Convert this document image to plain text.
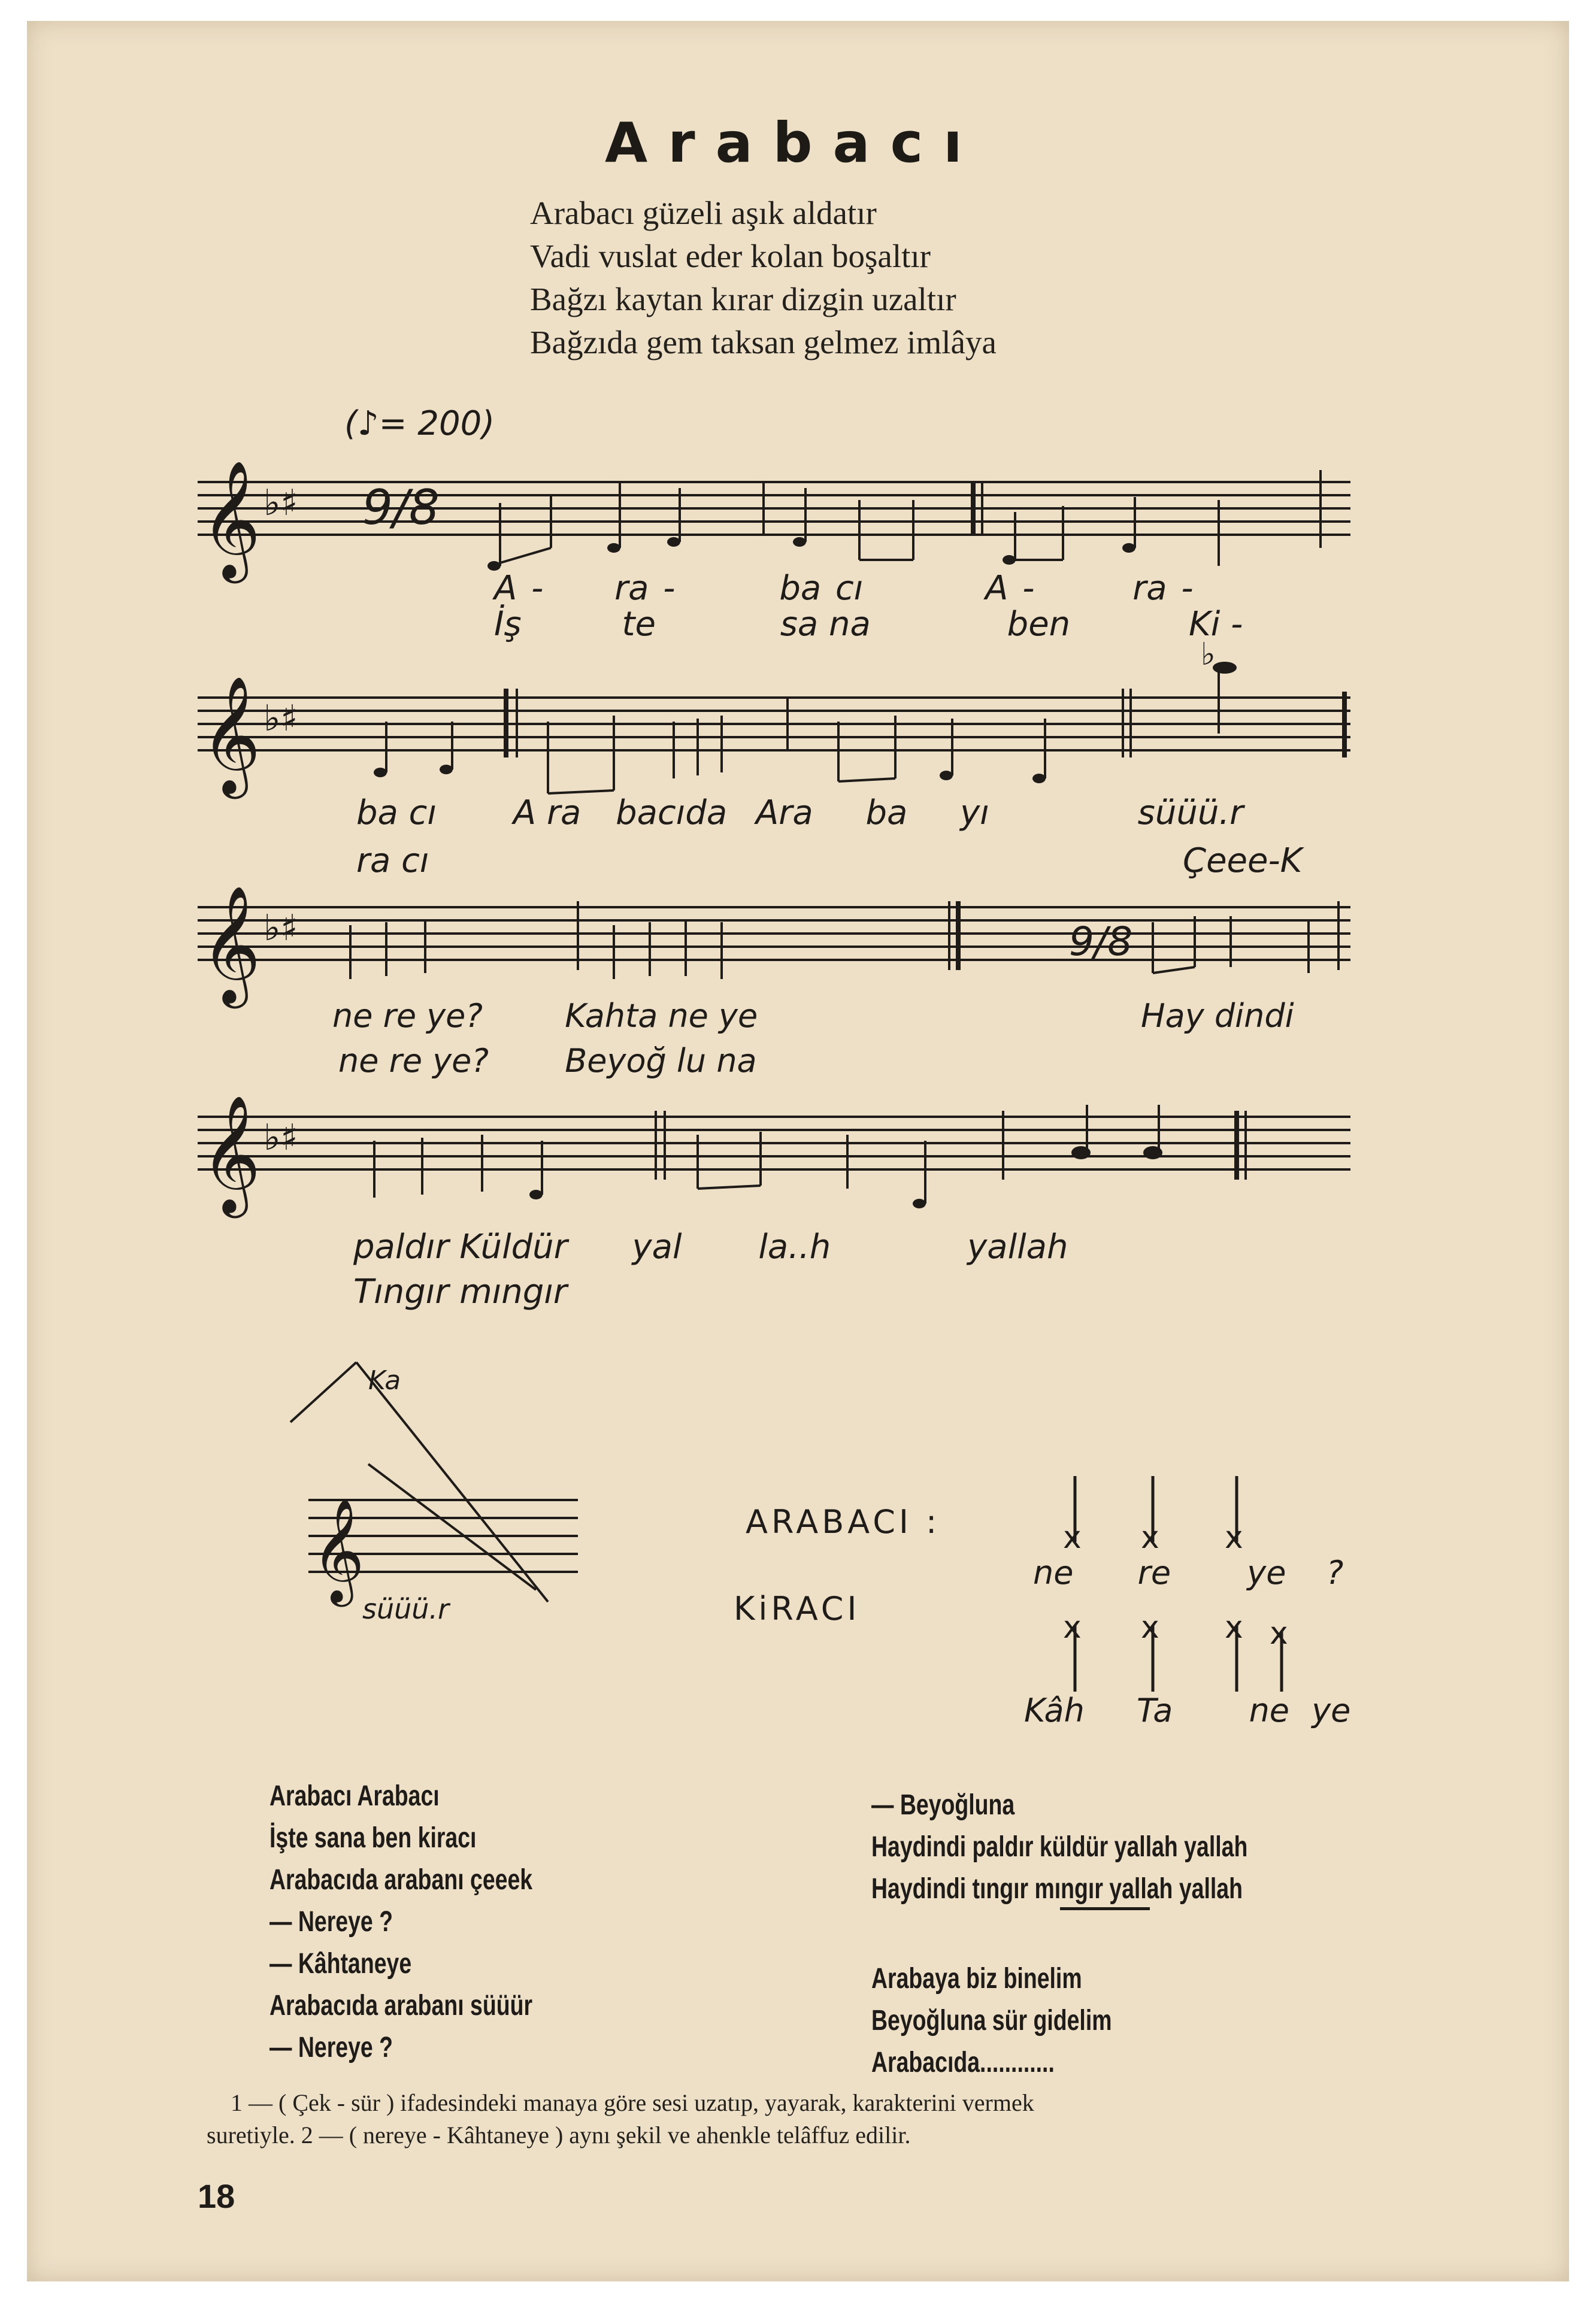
Arabacı
Arabacı güzeli aşık aldatır
Vadi vuslat eder kolan boşaltır
Bağzı kaytan kırar dizgin uzaltır
Bağzıda gem taksan gelmez imlâya
(♪= 200)
𝄞
𝄞
𝄞
𝄞
♭♯
♭♯
♭♯
♭♯
♭
9/8
9/8
A - ra -	ba cı	A -	ra -
İş	te	sa na	ben	Ki -
ba cı A ra bacıda Ara ba yı	süüü.r
ra cı	Çeee-K
ne re ye?	Kahta ne ye	Hay dindi
ne re ye? Beyoğ lu na
paldır Küldür yal la..h	yallah
Tıngır mıngır
𝄞
Ka
süüü.r
ARABACI :
KiRACI
ne re ye ?
Kâh Ta ne ye
x x x
x x x x
Arabacı Arabacı
İşte sana ben kiracı
Arabacıda arabanı çeeek
— Nereye ?
— Kâhtaneye
Arabacıda arabanı süüür
— Nereye ?
— Beyoğluna
Haydindi paldır küldür yallah yallah
Haydindi tıngır mıngır yallah yallah
Arabaya biz binelim
Beyoğluna sür gidelim
Arabacıda............
1 — ( Çek - sür ) ifadesindeki manaya göre sesi uzatıp, yayarak, karakterini vermek
suretiyle. 2 — ( nereye - Kâhtaneye ) aynı şekil ve ahenkle telâffuz edilir.
18
